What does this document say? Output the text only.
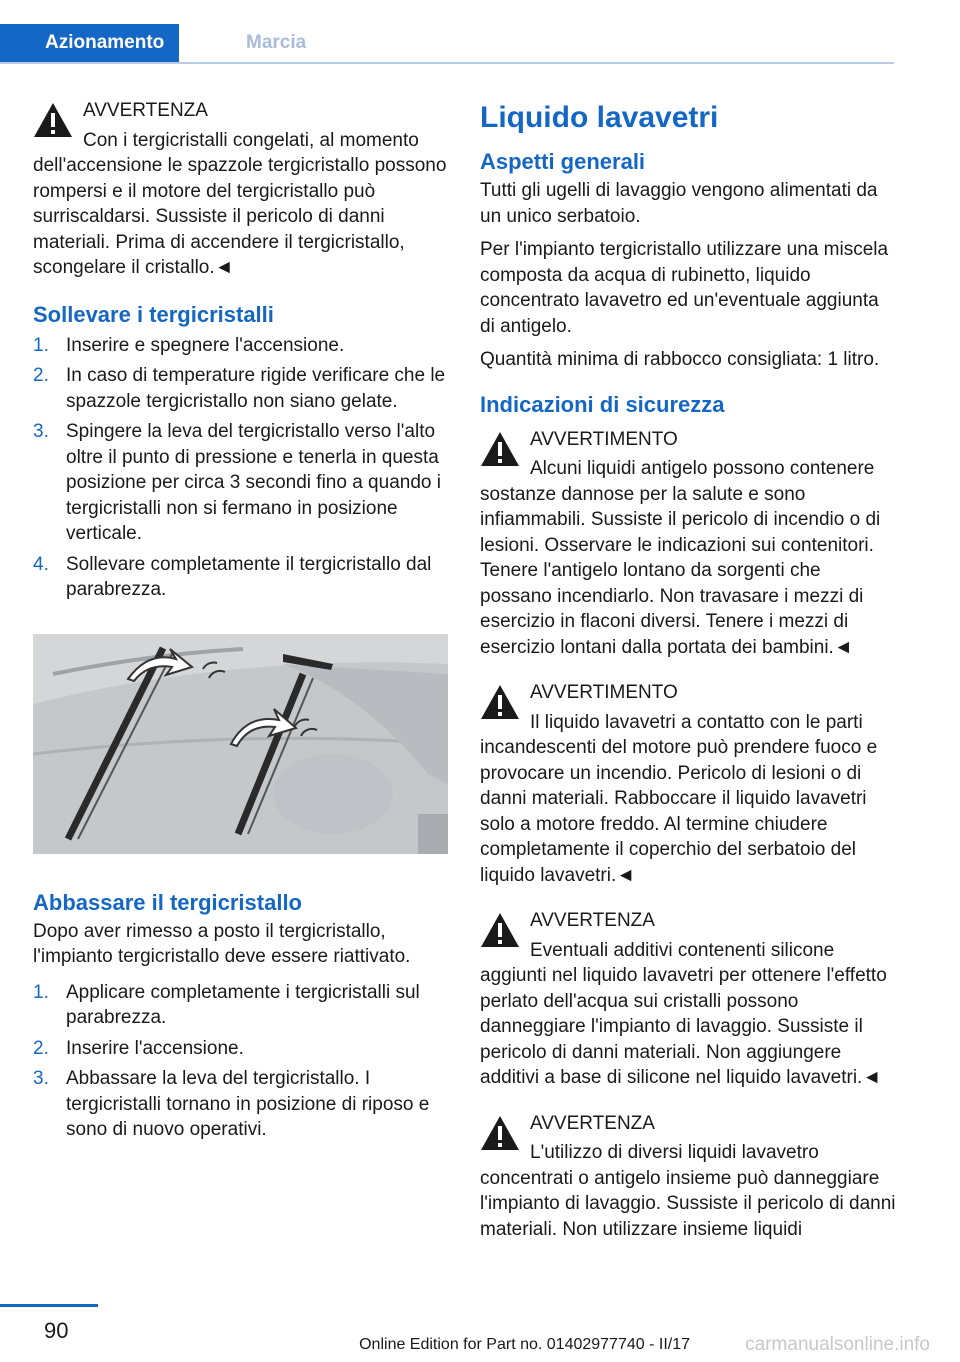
Azionamento	Marcia
AVVERTENZA

Con i tergicristalli congelati, al momento dell'accensione le spazzole tergicristallo possono rompersi e il motore del tergicristallo può surriscaldarsi. Sussiste il pericolo di danni materiali. Prima di accendere il tergicristallo, scongelare il cristallo.◄

Sollevare i tergicristalli
1. Inserire e spegnere l'accensione.
2. In caso di temperature rigide verificare che le spazzole tergicristallo non siano gelate.
3. Spingere la leva del tergicristallo verso l'alto oltre il punto di pressione e tenerla in questa posizione per circa 3 secondi fino a quando i tergicristalli non si fermano in posizione verticale.
4. Sollevare completamente il tergicristallo dal parabrezza.
Abbassare il tergicristallo

Dopo aver rimesso a posto il tergicristallo, l'impianto tergicristallo deve essere riattivato.

1. Applicare completamente i tergicristalli sul parabrezza.
2. Inserire l'accensione.
3. Abbassare la leva del tergicristallo. I tergicristalli tornano in posizione di riposo e sono di nuovo operativi.
Liquido lavavetri
Aspetti generali

Tutti gli ugelli di lavaggio vengono alimentati da un unico serbatoio.

Per l'impianto tergicristallo utilizzare una miscela composta da acqua di rubinetto, liquido concentrato lavavetro ed un'eventuale aggiunta di antigelo.

Quantità minima di rabbocco consigliata: 1 litro.

Indicazioni di sicurezza
AVVERTIMENTO

Alcuni liquidi antigelo possono contenere sostanze dannose per la salute e sono infiammabili. Sussiste il pericolo di incendio o di lesioni. Osservare le indicazioni sui contenitori. Tenere l'antigelo lontano da sorgenti che possano incendiarlo. Non travasare i mezzi di esercizio in flaconi diversi. Tenere i mezzi di esercizio lontani dalla portata dei bambini.◄

AVVERTIMENTO

Il liquido lavavetri a contatto con le parti incandescenti del motore può prendere fuoco e provocare un incendio. Pericolo di lesioni o di danni materiali. Rabboccare il liquido lavavetri solo a motore freddo. Al termine chiudere completamente il coperchio del serbatoio del liquido lavavetri.◄

AVVERTENZA

Eventuali additivi contenenti silicone aggiunti nel liquido lavavetri per ottenere l'effetto perlato dell'acqua sui cristalli possono danneggiare l'impianto di lavaggio. Sussiste il pericolo di danni materiali. Non aggiungere additivi a base di silicone nel liquido lavavetri.◄

AVVERTENZA

L'utilizzo di diversi liquidi lavavetro concentrati o antigelo insieme può danneggiare l'impianto di lavaggio. Sussiste il pericolo di danni materiali. Non utilizzare insieme liquidi

90
Online Edition for Part no. 01402977740 - II/17	carmanualsonline.info
